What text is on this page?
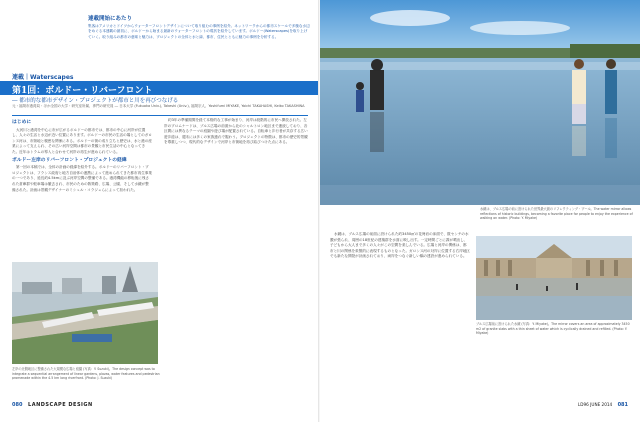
連載開始にあたり
集客はアメリカとドイツからウォーターフロントデザインについて取り組むの事例を紹介。ネットワークからの都市スケールで多様な水辺をめぐる本連載の最初に、ボルドーから始まる最新のウォーターフロントの現状を紹介しています。ボルドー(Waterscapes)を取り上げていく。取り組みの都市の意味と魅力は、プロジェクトの全体と水と緑、都市、住民とともに魅力の事例を分析する。
連載｜Waterscapes
第1回：ボルドー・リバーフロント
― 都市的な都市デザイン・プロジェクトが都市と川を再びつなげる
元・福岡市港湾局・ほか全国の大学・研究室所属、専門の研究員 ― 日本大学 (Fukuoka Univ.), Takeshi (Univ.), 福岡宗人、Yoshifumi MIYAKE, Yoichi TAKAHASHI, Keiko TAKASHINA
はじめに
大河川と港湾を中心に市が広がるボルドーの都市では、都市の中心に河岸が位置し、人々の生活と水辺が近い位置にあります。ボルドーの市民の生活の場としてのガロンヌ河は、市街地と親密な関係にある。ボルドーの街の成り立ちと歴史は、水と港の産業によって支えられ、その広い河岸空間は都市の景観と市民生活の中心となってきた。近年はトラムの導入と合わせて河岸の再生が進められている。
ボルドー左岸のリバーフロント・プロジェクトの経緯
第一回の本稿では、全体の計画の経緯を紹介する。ボルドーのリバーフロント・プロジェクトは、フランス政府と地方自治体の連携によって進められてきた都市再生事業の一つであり、延長約4.5kmに及ぶ河岸空間の整備である。港湾機能の移転後に残された倉庫群や駐車場は撤去され、市民のための散策路、広場、公園、そして水鏡が整備された。計画は景観デザイナーのミシェル・コラジュらによって担われた。
約3年の準備期間を経て本格的な工事が始まり、河岸は段階的に市民へ開放された。左岸のプロムナードは、ブルス広場の前面から北のシャルトロン地区まで連続しており、各区間には異なるテーマの庭園や遊び場が配置されている。自転車と歩行者が共存する広い遊歩道は、週末には多くの家族連れで賑わう。プロジェクトの特徴は、都市の歴史的景観を尊重しつつ、現代的なデザインで河岸と市街地を再び結びつけた点にある。
左岸の北側地区に整備された大規模な広場と庭園 (写真：Y. Suzuki)。The design concept was to integrate a sequential arrangement of linear gardens, plazas, water features and pedestrian promenade within the 4.5 km long riverfront. (Photo: J. Suzuki)
080 LANDSCAPE DESIGN
水鏡は、ブルス広場の前に設けられた世界最大級のリフレクティング・プール。The water mirror allows reflections of historic buildings, becoming a favorite place for people to enjoy the experience of walking on water. (Photo: Y. Miyake)
水鏡は、ブルス広場の前面に設けられた約3450㎡の花崗岩の床面で、数センチの水膜が張られ、周囲の18世紀の建築群を水面に映し出す。一定時間ごとに霧が噴出し、子どもから大人まで多くの人々がこの空間を楽しんでいる。広場と河岸の関係は、都市と川の関係を象徴的に表現するものとなった。ガロンヌ河の対岸に位置する右岸地区でも新たな開発が計画されており、両岸をつなぐ新しい橋の建設が進められている。
ブルス広場前に設けられた水鏡 (写真：Y. Miyake)。The mirror covers an area of approximately 3450 m2 of granite slabs with a thin sheet of water which is cyclically drained and refilled. (Photo: Y. Miyake)
LD96 JUNE 2014 081
